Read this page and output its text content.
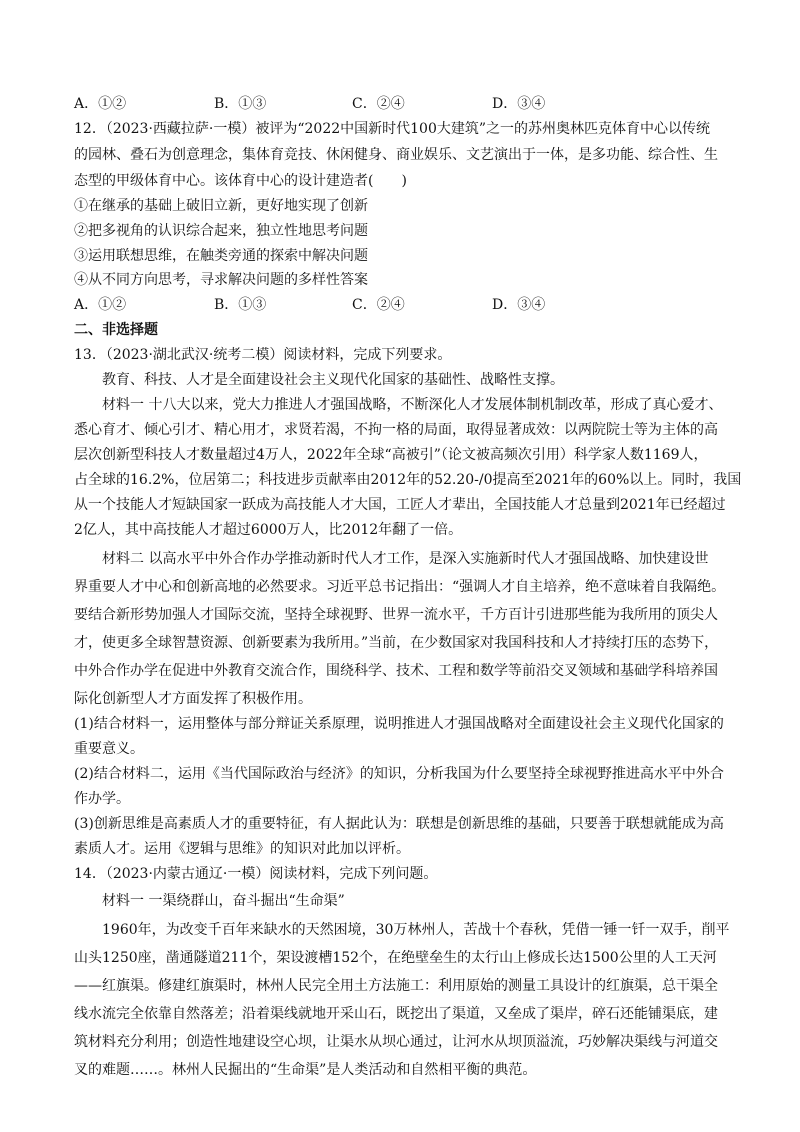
A．①②	B．①③	C．②④	D．③④
12．（2023·西藏拉萨·一模）被评为“2022中国新时代100大建筑”之一的苏州奥林匹克体育中心以传统
的园林、叠石为创意理念，集体育竞技、休闲健身、商业娱乐、文艺演出于一体，是多功能、综合性、生
态型的甲级体育中心。该体育中心的设计建造者(　　)
①在继承的基础上破旧立新，更好地实现了创新
②把多视角的认识综合起来，独立性地思考问题
③运用联想思维，在触类旁通的探索中解决问题
④从不同方向思考，寻求解决问题的多样性答案
A．①②	B．①③	C．②④	D．③④
二、非选择题
13．（2023·湖北武汉·统考二模）阅读材料，完成下列要求。
教育、科技、人才是全面建设社会主义现代化国家的基础性、战略性支撑。
材料一 十八大以来，党大力推进人才强国战略，不断深化人才发展体制机制改革，形成了真心爱才、
悉心育才、倾心引才、精心用才，求贤若渴，不拘一格的局面，取得显著成效：以两院院士等为主体的高
层次创新型科技人才数量超过4万人，2022年全球“高被引”（论文被高频次引用）科学家人数1169人，
占全球的16.2%，位居第二；科技进步贡献率由2012年的52.20-/0提高至2021年的60%以上。同时，我国
从一个技能人才短缺国家一跃成为高技能人才大国，工匠人才辈出，全国技能人才总量到2021年已经超过
2亿人，其中高技能人才超过6000万人，比2012年翻了一倍。
材料二 以高水平中外合作办学推动新时代人才工作，是深入实施新时代人才强国战略、加快建设世
界重要人才中心和创新高地的必然要求。习近平总书记指出：“强调人才自主培养，绝不意味着自我隔绝。
要结合新形势加强人才国际交流，坚持全球视野、世界一流水平，千方百计引进那些能为我所用的顶尖人
才，使更多全球智慧资源、创新要素为我所用。”当前，在少数国家对我国科技和人才持续打压的态势下，
中外合作办学在促进中外教育交流合作，围绕科学、技术、工程和数学等前沿交叉领域和基础学科培养国
际化创新型人才方面发挥了积极作用。
(1)结合材料一，运用整体与部分辩证关系原理，说明推进人才强国战略对全面建设社会主义现代化国家的
重要意义。
(2)结合材料二，运用《当代国际政治与经济》的知识，分析我国为什么要坚持全球视野推进高水平中外合
作办学。
(3)创新思维是高素质人才的重要特征，有人据此认为：联想是创新思维的基础，只要善于联想就能成为高
素质人才。运用《逻辑与思维》的知识对此加以评析。
14．（2023·内蒙古通辽·一模）阅读材料，完成下列问题。
材料一 一渠绕群山，奋斗掘出“生命渠”
1960年，为改变千百年来缺水的天然困境，30万林州人，苦战十个春秋，凭借一锤一钎一双手，削平
山头1250座，凿通隧道211个，架设渡槽152个，在绝壁垒生的太行山上修成长达1500公里的人工天河
——红旗渠。修建红旗渠时，林州人民完全用土方法施工：利用原始的测量工具设计的红旗渠，总干渠全
线水流完全依靠自然落差；沿着渠线就地开采山石，既挖出了渠道，又垒成了渠岸，碎石还能铺渠底，建
筑材料充分利用；创造性地建设空心坝，让渠水从坝心通过，让河水从坝顶溢流，巧妙解决渠线与河道交
叉的难题……。林州人民掘出的“生命渠”是人类活动和自然相平衡的典范。
